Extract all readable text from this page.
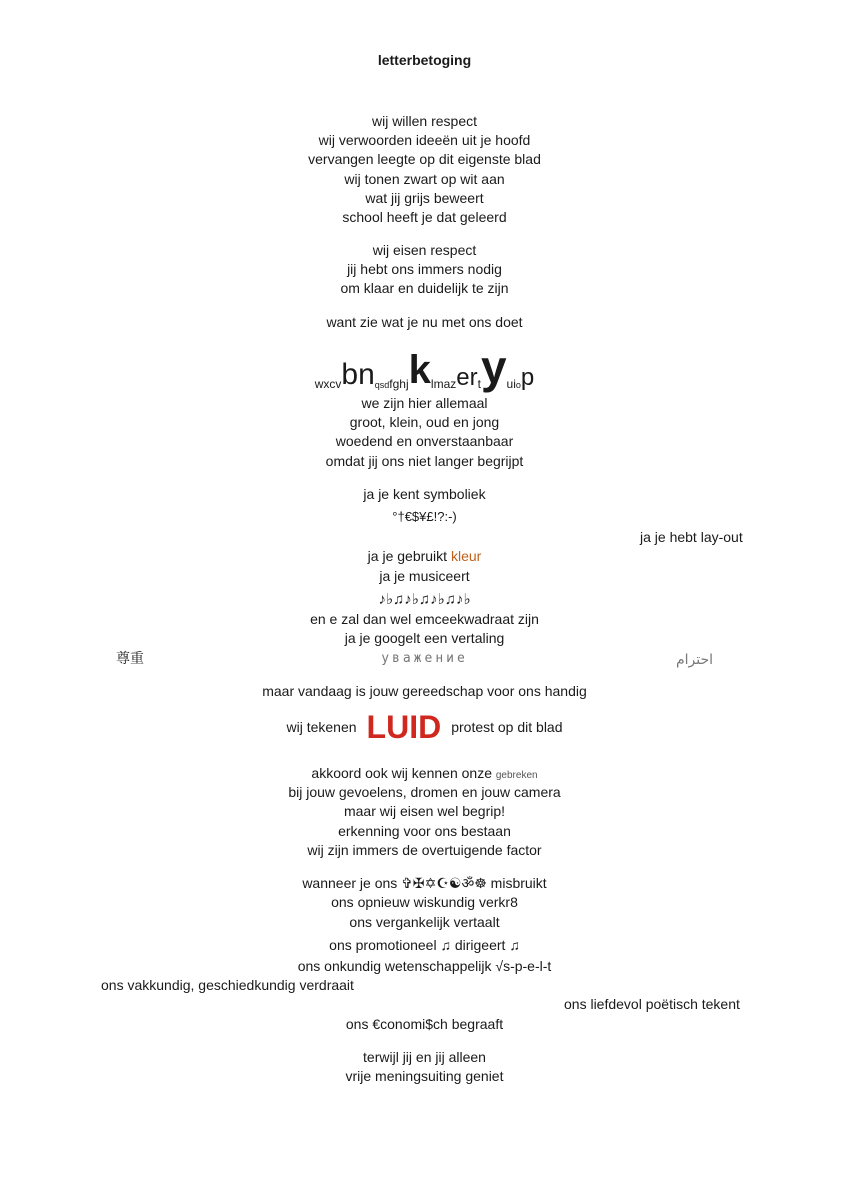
letterbetoging
wij willen respect
wij verwoorden ideeën uit je hoofd
vervangen leegte op dit eigenste blad
wij tonen zwart op wit aan
wat jij grijs beweert
school heeft je dat geleerd
wij eisen respect
jij hebt ons immers nodig
om klaar en duidelijk te zijn
want zie wat je nu met ons doet
wxcv bn qsd fghj k lmaz er t y ui o p
we zijn hier allemaal
groot, klein, oud en jong
woedend en onverstaanbaar
omdat jij ons niet langer begrijpt
ja je kent symboliek
°†€$¥£!?:-)
ja je hebt lay-out
ja je gebruikt kleur
ja je musiceert
♪♭♫♪♭♫♪♭♫♪♭
en e zal dan wel emceekwadraat zijn
ja je googelt een vertaling
尊重	уважение	احترام
maar vandaag is jouw gereedschap voor ons handig
wij tekenen LUID protest op dit blad
akkoord ook wij kennen onze gebreken
bij jouw gevoelens, dromen en jouw camera
maar wij eisen wel begrip!
erkenning voor ons bestaan
wij zijn immers de overtuigende factor
wanneer je ons ✞✠✡☪☯ॐ☸ misbruikt
ons opnieuw wiskundig verkr8
ons vergankelijk vertaalt
ons promotioneel ♫ dirigeert ♫
ons onkundig wetenschappelijk √s-p-e-l-t
ons vakkundig, geschiedkundig verdraait
ons liefdevol poëtisch tekent
ons €conomi$ch begraaft
terwijl jij en jij alleen
vrije meningsuiting geniet
